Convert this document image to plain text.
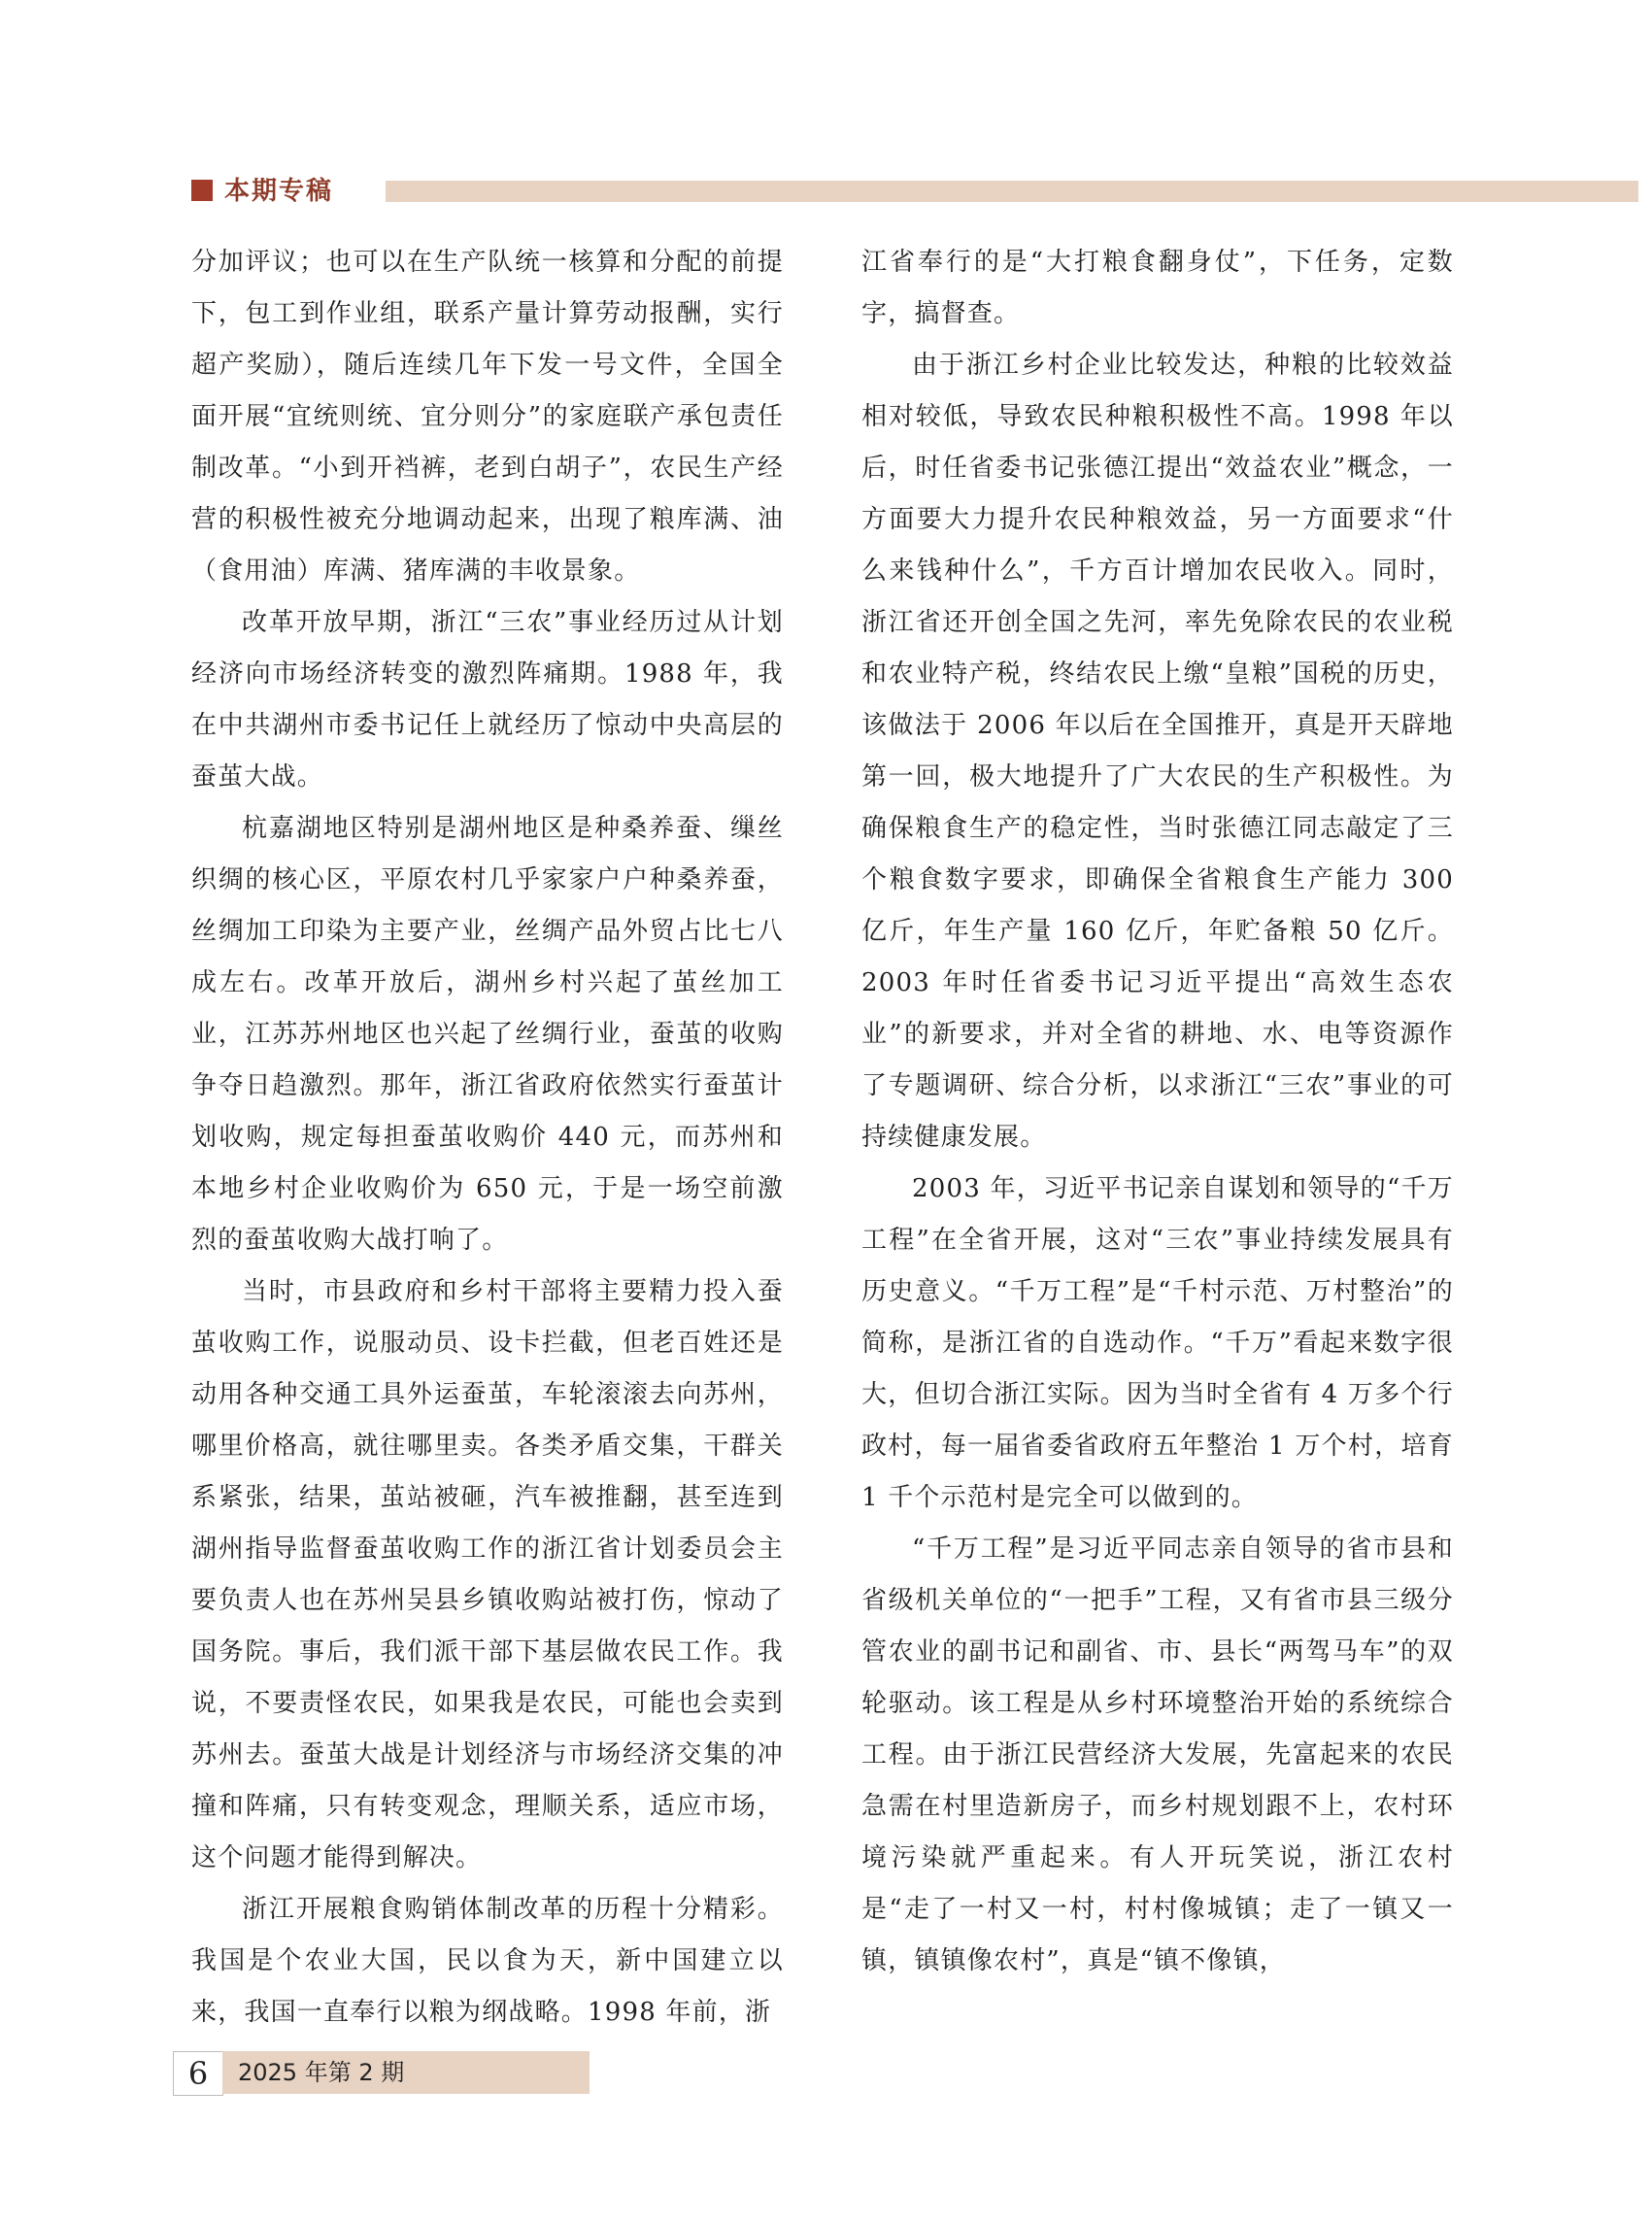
本期专稿

分加评议；也可以在生产队统一核算和分配的前提下，包工到作业组，联系产量计算劳动报酬，实行超产奖励），随后连续几年下发一号文件，全国全面开展“宜统则统、宜分则分”的家庭联产承包责任制改革。“小到开裆裤，老到白胡子”，农民生产经营的积极性被充分地调动起来，出现了粮库满、油（食用油）库满、猪库满的丰收景象。

改革开放早期，浙江“三农”事业经历过从计划经济向市场经济转变的激烈阵痛期。1988 年，我在中共湖州市委书记任上就经历了惊动中央高层的蚕茧大战。

杭嘉湖地区特别是湖州地区是种桑养蚕、缫丝织绸的核心区，平原农村几乎家家户户种桑养蚕，丝绸加工印染为主要产业，丝绸产品外贸占比七八成左右。改革开放后，湖州乡村兴起了茧丝加工业，江苏苏州地区也兴起了丝绸行业，蚕茧的收购争夺日趋激烈。那年，浙江省政府依然实行蚕茧计划收购，规定每担蚕茧收购价 440 元，而苏州和本地乡村企业收购价为 650 元，于是一场空前激烈的蚕茧收购大战打响了。

当时，市县政府和乡村干部将主要精力投入蚕茧收购工作，说服动员、设卡拦截，但老百姓还是动用各种交通工具外运蚕茧，车轮滚滚去向苏州，哪里价格高，就往哪里卖。各类矛盾交集，干群关系紧张，结果，茧站被砸，汽车被推翻，甚至连到湖州指导监督蚕茧收购工作的浙江省计划委员会主要负责人也在苏州吴县乡镇收购站被打伤，惊动了国务院。事后，我们派干部下基层做农民工作。我说，不要责怪农民，如果我是农民，可能也会卖到苏州去。蚕茧大战是计划经济与市场经济交集的冲撞和阵痛，只有转变观念，理顺关系，适应市场，这个问题才能得到解决。

浙江开展粮食购销体制改革的历程十分精彩。我国是个农业大国，民以食为天，新中国建立以来，我国一直奉行以粮为纲战略。1998 年前，浙

江省奉行的是“大打粮食翻身仗”，下任务，定数字，搞督查。

由于浙江乡村企业比较发达，种粮的比较效益相对较低，导致农民种粮积极性不高。1998 年以后，时任省委书记张德江提出“效益农业”概念，一方面要大力提升农民种粮效益，另一方面要求“什么来钱种什么”，千方百计增加农民收入。同时，浙江省还开创全国之先河，率先免除农民的农业税和农业特产税，终结农民上缴“皇粮”国税的历史，该做法于 2006 年以后在全国推开，真是开天辟地第一回，极大地提升了广大农民的生产积极性。为确保粮食生产的稳定性，当时张德江同志敲定了三个粮食数字要求，即确保全省粮食生产能力 300 亿斤，年生产量 160 亿斤，年贮备粮 50 亿斤。2003 年时任省委书记习近平提出“高效生态农业”的新要求，并对全省的耕地、水、电等资源作了专题调研、综合分析，以求浙江“三农”事业的可持续健康发展。

2003 年，习近平书记亲自谋划和领导的“千万工程”在全省开展，这对“三农”事业持续发展具有历史意义。“千万工程”是“千村示范、万村整治”的简称，是浙江省的自选动作。“千万”看起来数字很大，但切合浙江实际。因为当时全省有 4 万多个行政村，每一届省委省政府五年整治 1 万个村，培育 1 千个示范村是完全可以做到的。

“千万工程”是习近平同志亲自领导的省市县和省级机关单位的“一把手”工程，又有省市县三级分管农业的副书记和副省、市、县长“两驾马车”的双轮驱动。该工程是从乡村环境整治开始的系统综合工程。由于浙江民营经济大发展，先富起来的农民急需在村里造新房子，而乡村规划跟不上，农村环境污染就严重起来。有人开玩笑说，浙江农村是“走了一村又一村，村村像城镇；走了一镇又一镇，镇镇像农村”，真是“镇不像镇，

6	2025 年第 2 期
